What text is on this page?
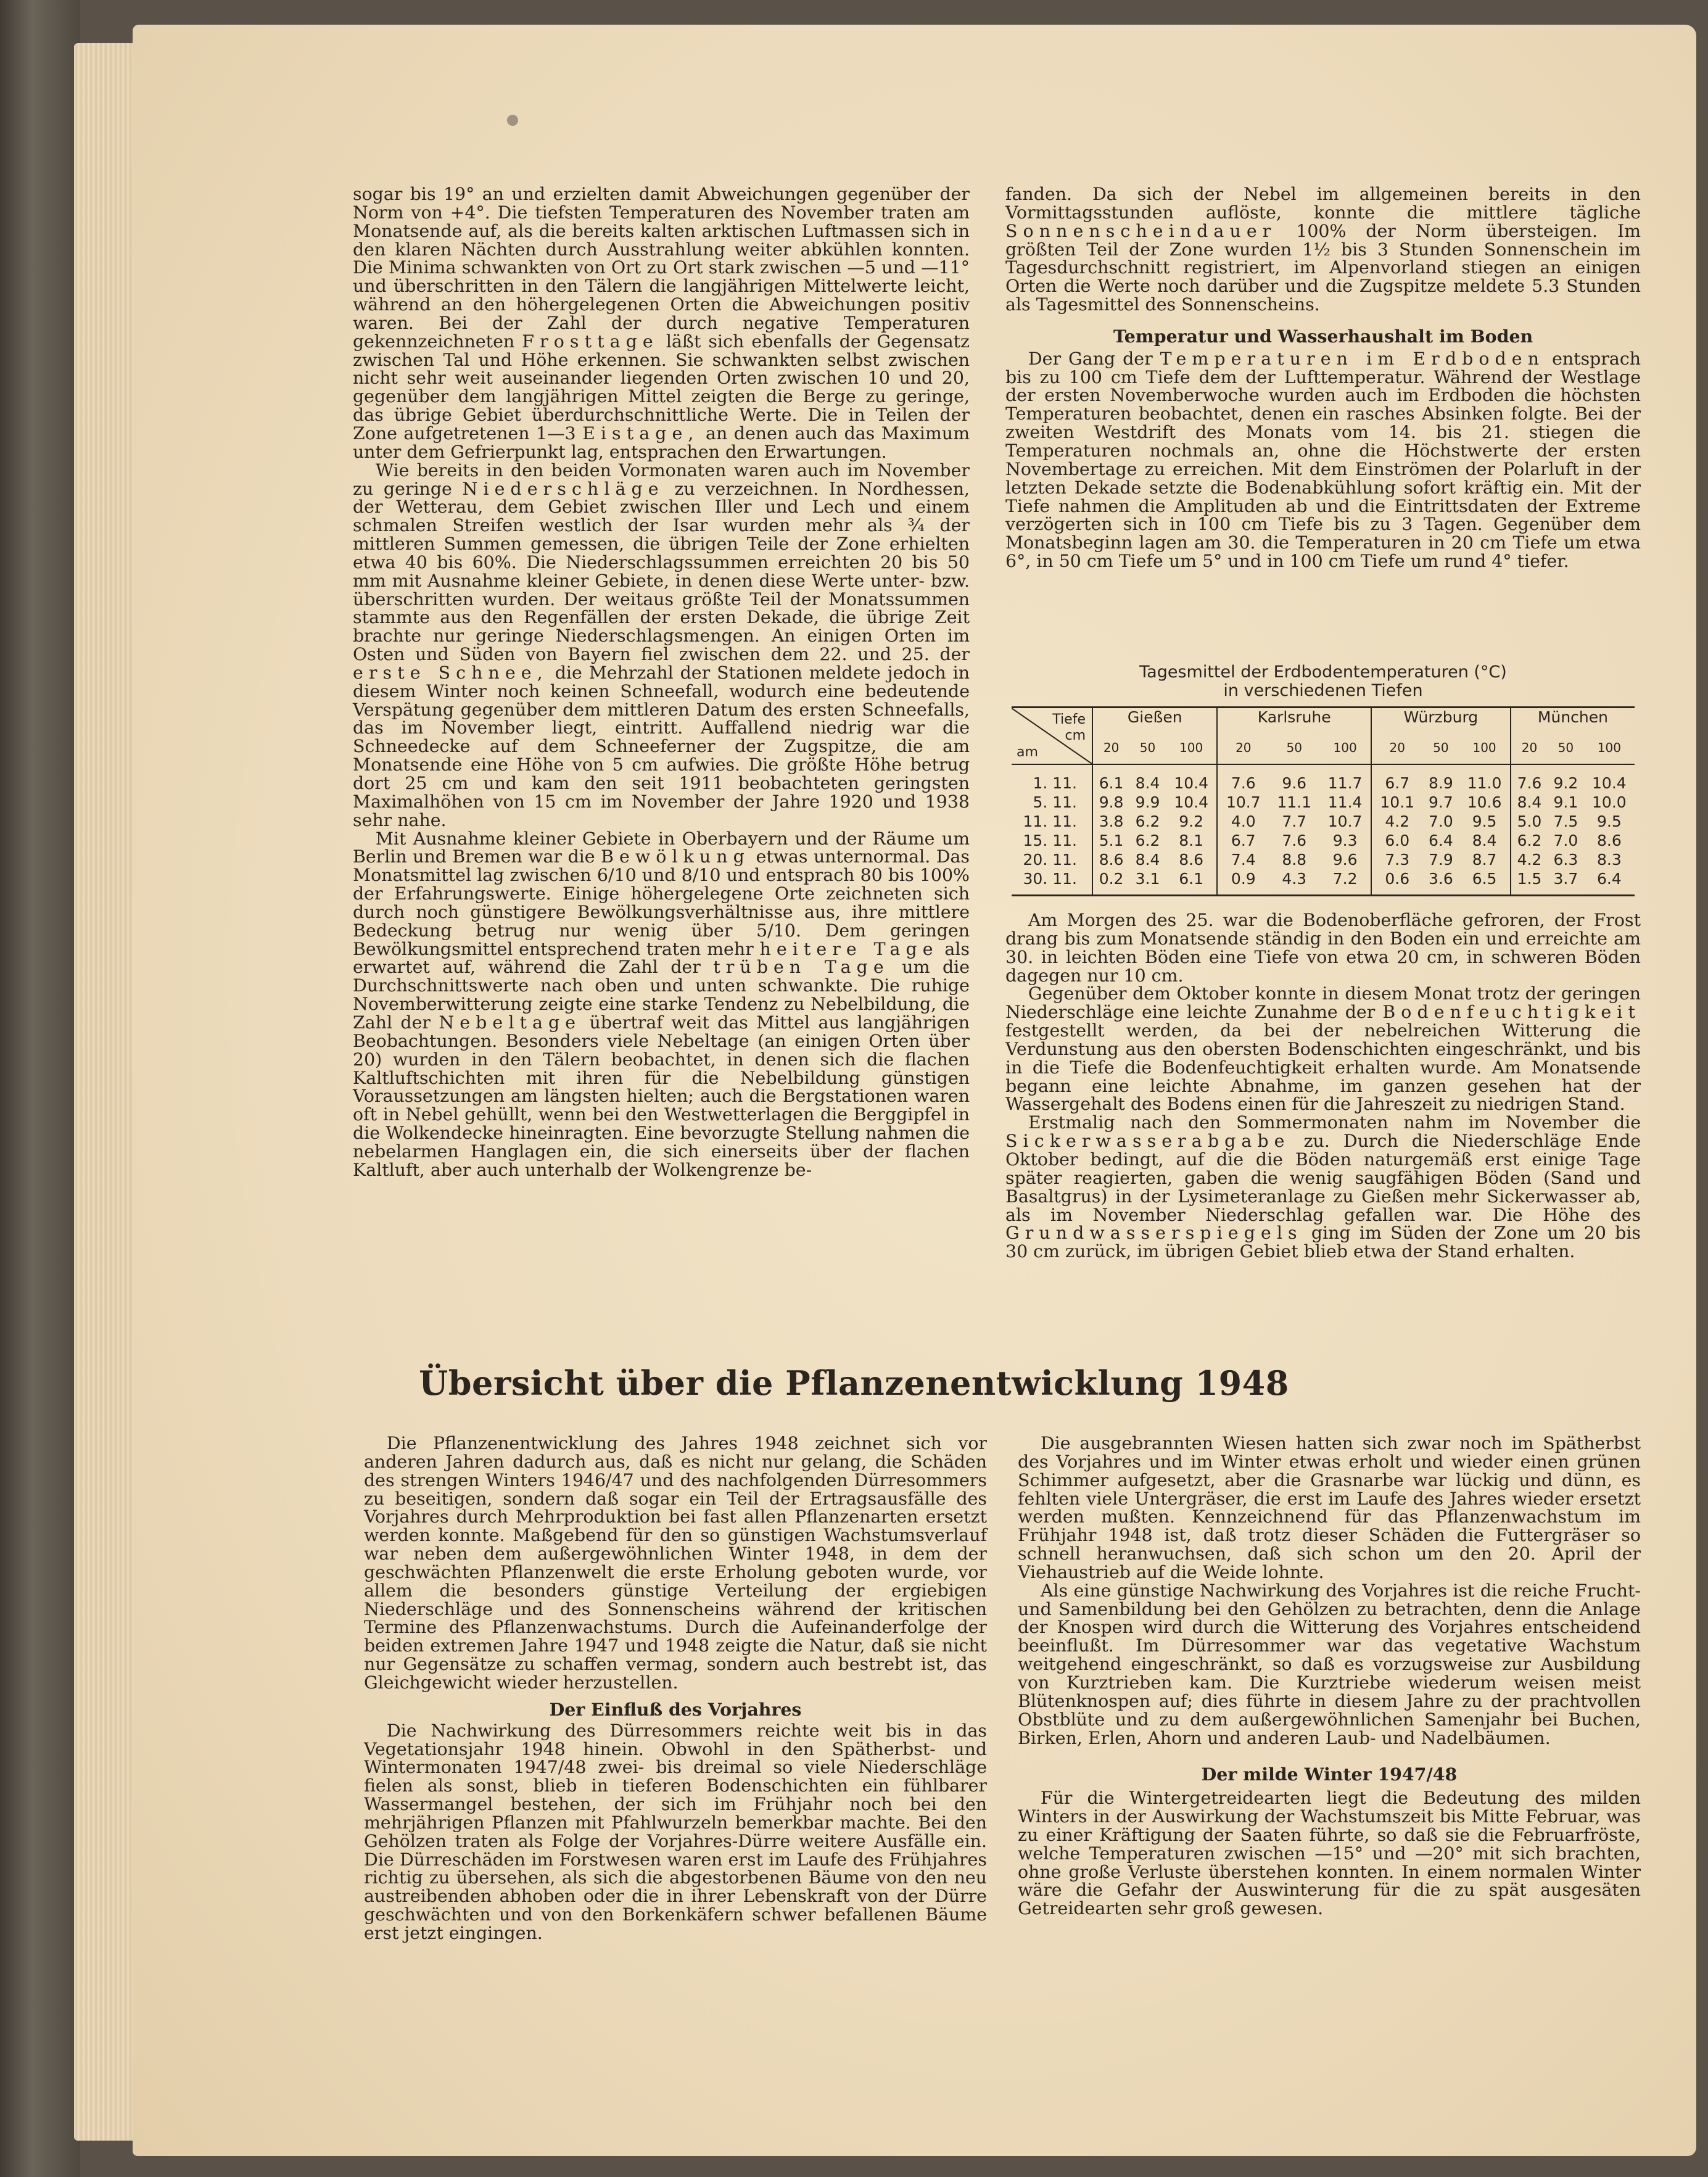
sogar bis 19° an und erzielten damit Abweichungen gegenüber der Norm von +4°. Die tiefsten Temperaturen des November traten am Monatsende auf, als die bereits kalten arktischen Luftmassen sich in den klaren Nächten durch Ausstrahlung weiter abkühlen konnten. Die Minima schwankten von Ort zu Ort stark zwischen —5 und —11° und überschritten in den Tälern die langjährigen Mittelwerte leicht, während an den höhergelegenen Orten die Abweichungen positiv waren. Bei der Zahl der durch negative Temperaturen gekennzeichneten Frosttage läßt sich ebenfalls der Gegensatz zwischen Tal und Höhe erkennen. Sie schwankten selbst zwischen nicht sehr weit auseinander liegenden Orten zwischen 10 und 20, gegenüber dem langjährigen Mittel zeigten die Berge zu geringe, das übrige Gebiet überdurchschnittliche Werte. Die in Teilen der Zone aufgetretenen 1—3 Eistage, an denen auch das Maximum unter dem Gefrierpunkt lag, entsprachen den Erwartungen.

Wie bereits in den beiden Vormonaten waren auch im November zu geringe Niederschläge zu verzeichnen. In Nordhessen, der Wetterau, dem Gebiet zwischen Iller und Lech und einem schmalen Streifen westlich der Isar wurden mehr als ¾ der mittleren Summen gemessen, die übrigen Teile der Zone erhielten etwa 40 bis 60%. Die Niederschlagssummen erreichten 20 bis 50 mm mit Ausnahme kleiner Gebiete, in denen diese Werte unter- bzw. überschritten wurden. Der weitaus größte Teil der Monatssummen stammte aus den Regenfällen der ersten Dekade, die übrige Zeit brachte nur geringe Niederschlagsmengen. An einigen Orten im Osten und Süden von Bayern fiel zwischen dem 22. und 25. der erste Schnee, die Mehrzahl der Stationen meldete jedoch in diesem Winter noch keinen Schneefall, wodurch eine bedeutende Verspätung gegenüber dem mittleren Datum des ersten Schneefalls, das im November liegt, eintritt. Auffallend niedrig war die Schneedecke auf dem Schneeferner der Zugspitze, die am Monatsende eine Höhe von 5 cm aufwies. Die größte Höhe betrug dort 25 cm und kam den seit 1911 beobachteten geringsten Maximalhöhen von 15 cm im November der Jahre 1920 und 1938 sehr nahe.

Mit Ausnahme kleiner Gebiete in Oberbayern und der Räume um Berlin und Bremen war die Bewölkung etwas unternormal. Das Monatsmittel lag zwischen 6/10 und 8/10 und entsprach 80 bis 100% der Erfahrungswerte. Einige höhergelegene Orte zeichneten sich durch noch günstigere Bewölkungsverhältnisse aus, ihre mittlere Bedeckung betrug nur wenig über 5/10. Dem geringen Bewölkungsmittel entsprechend traten mehr heitere Tage als erwartet auf, während die Zahl der trüben Tage um die Durchschnittswerte nach oben und unten schwankte. Die ruhige Novemberwitterung zeigte eine starke Tendenz zu Nebelbildung, die Zahl der Nebeltage übertraf weit das Mittel aus langjährigen Beobachtungen. Besonders viele Nebeltage (an einigen Orten über 20) wurden in den Tälern beobachtet, in denen sich die flachen Kaltluftschichten mit ihren für die Nebelbildung günstigen Voraussetzungen am längsten hielten; auch die Bergstationen waren oft in Nebel gehüllt, wenn bei den Westwetterlagen die Berggipfel in die Wolkendecke hineinragten. Eine bevorzugte Stellung nahmen die nebelarmen Hanglagen ein, die sich einerseits über der flachen Kaltluft, aber auch unterhalb der Wolkengrenze be-

fanden. Da sich der Nebel im allgemeinen bereits in den Vormittagsstunden auflöste, konnte die mittlere tägliche Sonnenscheindauer 100% der Norm übersteigen. Im größten Teil der Zone wurden 1½ bis 3 Stunden Sonnenschein im Tagesdurchschnitt registriert, im Alpenvorland stiegen an einigen Orten die Werte noch darüber und die Zugspitze meldete 5.3 Stunden als Tagesmittel des Sonnenscheins.

Temperatur und Wasserhaushalt im Boden

Der Gang der Temperaturen im Erdboden entsprach bis zu 100 cm Tiefe dem der Lufttemperatur. Während der Westlage der ersten Novemberwoche wurden auch im Erdboden die höchsten Temperaturen beobachtet, denen ein rasches Absinken folgte. Bei der zweiten Westdrift des Monats vom 14. bis 21. stiegen die Temperaturen nochmals an, ohne die Höchstwerte der ersten Novembertage zu erreichen. Mit dem Einströmen der Polarluft in der letzten Dekade setzte die Bodenabkühlung sofort kräftig ein. Mit der Tiefe nahmen die Amplituden ab und die Eintrittsdaten der Extreme verzögerten sich in 100 cm Tiefe bis zu 3 Tagen. Gegenüber dem Monatsbeginn lagen am 30. die Temperaturen in 20 cm Tiefe um etwa 6°, in 50 cm Tiefe um 5° und in 100 cm Tiefe um rund 4° tiefer.

Tagesmittel der Erdbodentemperaturen (°C)
in verschiedenen Tiefen
Tiefe
cm
am	Gießen			Karlsruhe			Würzburg			München		
	20	50	100	20	50	100	20	50	100	20	50	100
1. 11.	6.1	8.4	10.4	7.6	9.6	11.7	6.7	8.9	11.0	7.6	9.2	10.4
5. 11.	9.8	9.9	10.4	10.7	11.1	11.4	10.1	9.7	10.6	8.4	9.1	10.0
11. 11.	3.8	6.2	9.2	4.0	7.7	10.7	4.2	7.0	9.5	5.0	7.5	9.5
15. 11.	5.1	6.2	8.1	6.7	7.6	9.3	6.0	6.4	8.4	6.2	7.0	8.6
20. 11.	8.6	8.4	8.6	7.4	8.8	9.6	7.3	7.9	8.7	4.2	6.3	8.3
30. 11.	0.2	3.1	6.1	0.9	4.3	7.2	0.6	3.6	6.5	1.5	3.7	6.4

Am Morgen des 25. war die Bodenoberfläche gefroren, der Frost drang bis zum Monatsende ständig in den Boden ein und erreichte am 30. in leichten Böden eine Tiefe von etwa 20 cm, in schweren Böden dagegen nur 10 cm.

Gegenüber dem Oktober konnte in diesem Monat trotz der geringen Niederschläge eine leichte Zunahme der Bodenfeuchtigkeit festgestellt werden, da bei der nebelreichen Witterung die Verdunstung aus den obersten Bodenschichten eingeschränkt, und bis in die Tiefe die Bodenfeuchtigkeit erhalten wurde. Am Monatsende begann eine leichte Abnahme, im ganzen gesehen hat der Wassergehalt des Bodens einen für die Jahreszeit zu niedrigen Stand.

Erstmalig nach den Sommermonaten nahm im November die Sickerwasserabgabe zu. Durch die Niederschläge Ende Oktober bedingt, auf die die Böden naturgemäß erst einige Tage später reagierten, gaben die wenig saugfähigen Böden (Sand und Basaltgrus) in der Lysimeteranlage zu Gießen mehr Sickerwasser ab, als im November Niederschlag gefallen war. Die Höhe des Grundwasserspiegels ging im Süden der Zone um 20 bis 30 cm zurück, im übrigen Gebiet blieb etwa der Stand erhalten.

Übersicht über die Pflanzenentwicklung 1948

Die Pflanzenentwicklung des Jahres 1948 zeichnet sich vor anderen Jahren dadurch aus, daß es nicht nur gelang, die Schäden des strengen Winters 1946/47 und des nachfolgenden Dürresommers zu beseitigen, sondern daß sogar ein Teil der Ertragsausfälle des Vorjahres durch Mehrproduktion bei fast allen Pflanzenarten ersetzt werden konnte. Maßgebend für den so günstigen Wachstumsverlauf war neben dem außergewöhnlichen Winter 1948, in dem der geschwächten Pflanzenwelt die erste Erholung geboten wurde, vor allem die besonders günstige Verteilung der ergiebigen Niederschläge und des Sonnenscheins während der kritischen Termine des Pflanzenwachstums. Durch die Aufeinanderfolge der beiden extremen Jahre 1947 und 1948 zeigte die Natur, daß sie nicht nur Gegensätze zu schaffen vermag, sondern auch bestrebt ist, das Gleichgewicht wieder herzustellen.

Der Einfluß des Vorjahres

Die Nachwirkung des Dürresommers reichte weit bis in das Vegetationsjahr 1948 hinein. Obwohl in den Spätherbst- und Wintermonaten 1947/48 zwei- bis dreimal so viele Niederschläge fielen als sonst, blieb in tieferen Bodenschichten ein fühlbarer Wassermangel bestehen, der sich im Frühjahr noch bei den mehrjährigen Pflanzen mit Pfahlwurzeln bemerkbar machte. Bei den Gehölzen traten als Folge der Vorjahres-Dürre weitere Ausfälle ein. Die Dürreschäden im Forstwesen waren erst im Laufe des Frühjahres richtig zu übersehen, als sich die abgestorbenen Bäume von den neu austreibenden abhoben oder die in ihrer Lebenskraft von der Dürre geschwächten und von den Borkenkäfern schwer befallenen Bäume erst jetzt eingingen.

Die ausgebrannten Wiesen hatten sich zwar noch im Spätherbst des Vorjahres und im Winter etwas erholt und wieder einen grünen Schimmer aufgesetzt, aber die Grasnarbe war lückig und dünn, es fehlten viele Untergräser, die erst im Laufe des Jahres wieder ersetzt werden mußten. Kennzeichnend für das Pflanzenwachstum im Frühjahr 1948 ist, daß trotz dieser Schäden die Futtergräser so schnell heranwuchsen, daß sich schon um den 20. April der Viehaustrieb auf die Weide lohnte.

Als eine günstige Nachwirkung des Vorjahres ist die reiche Frucht- und Samenbildung bei den Gehölzen zu betrachten, denn die Anlage der Knospen wird durch die Witterung des Vorjahres entscheidend beeinflußt. Im Dürresommer war das vegetative Wachstum weitgehend eingeschränkt, so daß es vorzugsweise zur Ausbildung von Kurztrieben kam. Die Kurztriebe wiederum weisen meist Blütenknospen auf; dies führte in diesem Jahre zu der prachtvollen Obstblüte und zu dem außergewöhnlichen Samenjahr bei Buchen, Birken, Erlen, Ahorn und anderen Laub- und Nadelbäumen.

Der milde Winter 1947/48

Für die Wintergetreidearten liegt die Bedeutung des milden Winters in der Auswirkung der Wachstumszeit bis Mitte Februar, was zu einer Kräftigung der Saaten führte, so daß sie die Februarfröste, welche Temperaturen zwischen —15° und —20° mit sich brachten, ohne große Verluste überstehen konnten. In einem normalen Winter wäre die Gefahr der Auswinterung für die zu spät ausgesäten Getreidearten sehr groß gewesen.
